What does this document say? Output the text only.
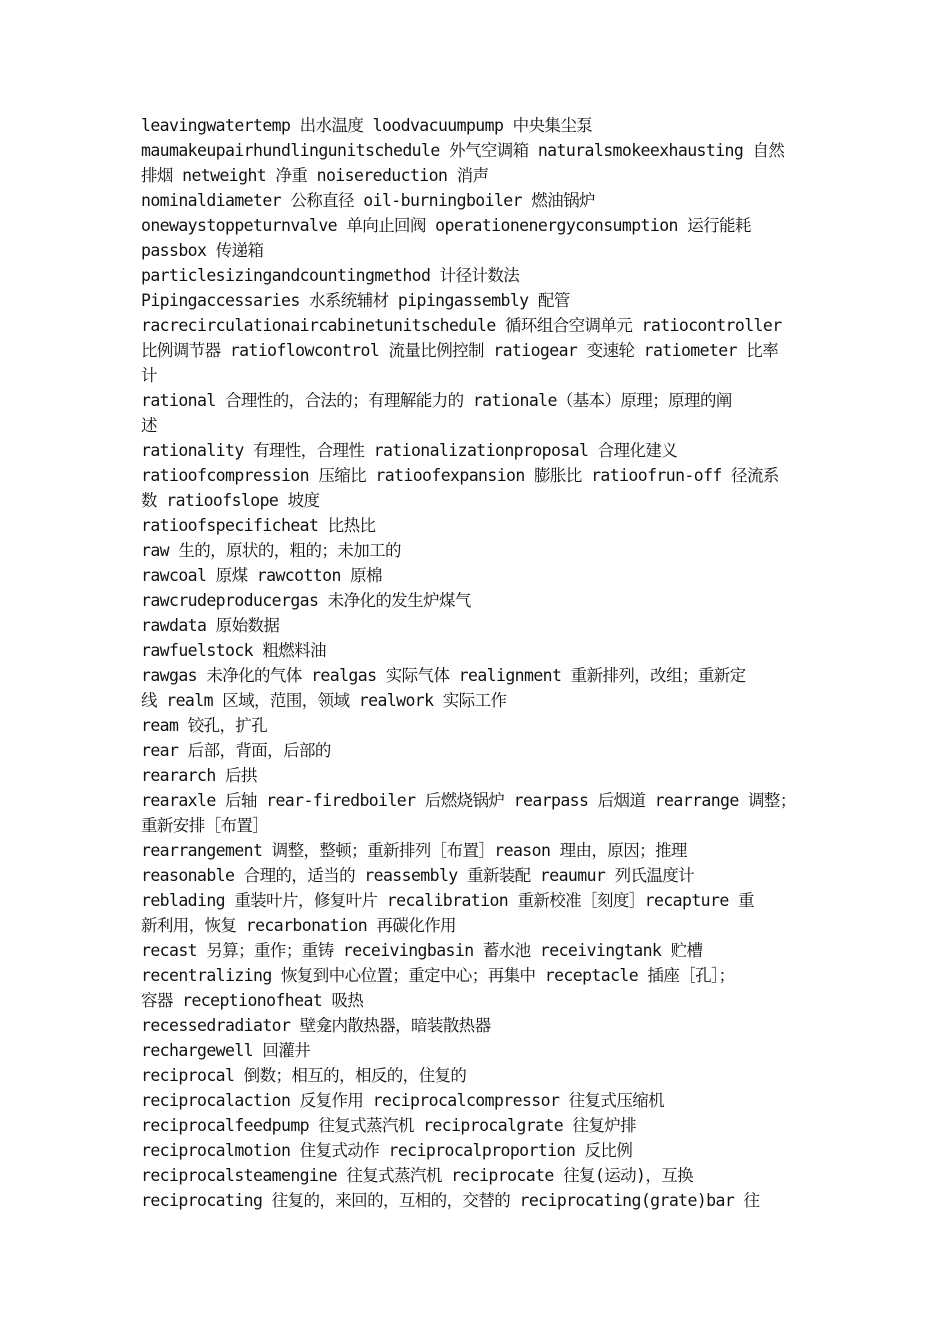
leavingwatertemp 出水温度 loodvacuumpump 中央集尘泵
maumakeupairhundlingunitschedule 外气空调箱 naturalsmokeexhausting 自然
排烟 netweight 净重 noisereduction 消声
nominaldiameter 公称直径 oil-burningboiler 燃油锅炉
onewaystoppeturnvalve 单向止回阀 operationenergyconsumption 运行能耗
passbox 传递箱
particlesizingandcountingmethod 计径计数法
Pipingaccessaries 水系统辅材 pipingassembly 配管
racrecirculationaircabinetunitschedule 循环组合空调单元 ratiocontroller
比例调节器 ratioflowcontrol 流量比例控制 ratiogear 变速轮 ratiometer 比率
计
rational 合理性的，合法的；有理解能力的 rationale（基本）原理；原理的阐
述
rationality 有理性，合理性 rationalizationproposal 合理化建义
ratioofcompression 压缩比 ratioofexpansion 膨胀比 ratioofrun-off 径流系
数 ratioofslope 坡度
ratioofspecificheat 比热比
raw 生的，原状的，粗的；未加工的
rawcoal 原煤 rawcotton 原棉
rawcrudeproducergas 未净化的发生炉煤气
rawdata 原始数据
rawfuelstock 粗燃料油
rawgas 未净化的气体 realgas 实际气体 realignment 重新排列，改组；重新定
线 realm 区域，范围，领域 realwork 实际工作
ream 铰孔，扩孔
rear 后部，背面，后部的
reararch 后拱
rearaxle 后轴 rear-firedboiler 后燃烧锅炉 rearpass 后烟道 rearrange 调整；
重新安排［布置］
rearrangement 调整，整顿；重新排列［布置］reason 理由，原因；推理
reasonable 合理的，适当的 reassembly 重新装配 reaumur 列氏温度计
reblading 重装叶片，修复叶片 recalibration 重新校准［刻度］recapture 重
新利用，恢复 recarbonation 再碳化作用
recast 另算；重作；重铸 receivingbasin 蓄水池 receivingtank 贮槽
recentralizing 恢复到中心位置；重定中心；再集中 receptacle 插座［孔］；
容器 receptionofheat 吸热
recessedradiator 壁龛内散热器，暗装散热器
rechargewell 回灌井
reciprocal 倒数；相互的，相反的，住复的
reciprocalaction 反复作用 reciprocalcompressor 往复式压缩机
reciprocalfeedpump 往复式蒸汽机 reciprocalgrate 往复炉排
reciprocalmotion 住复式动作 reciprocalproportion 反比例
reciprocalsteamengine 往复式蒸汽机 reciprocate 往复(运动)，互换
reciprocating 往复的，来回的，互相的，交替的 reciprocating(grate)bar 往
